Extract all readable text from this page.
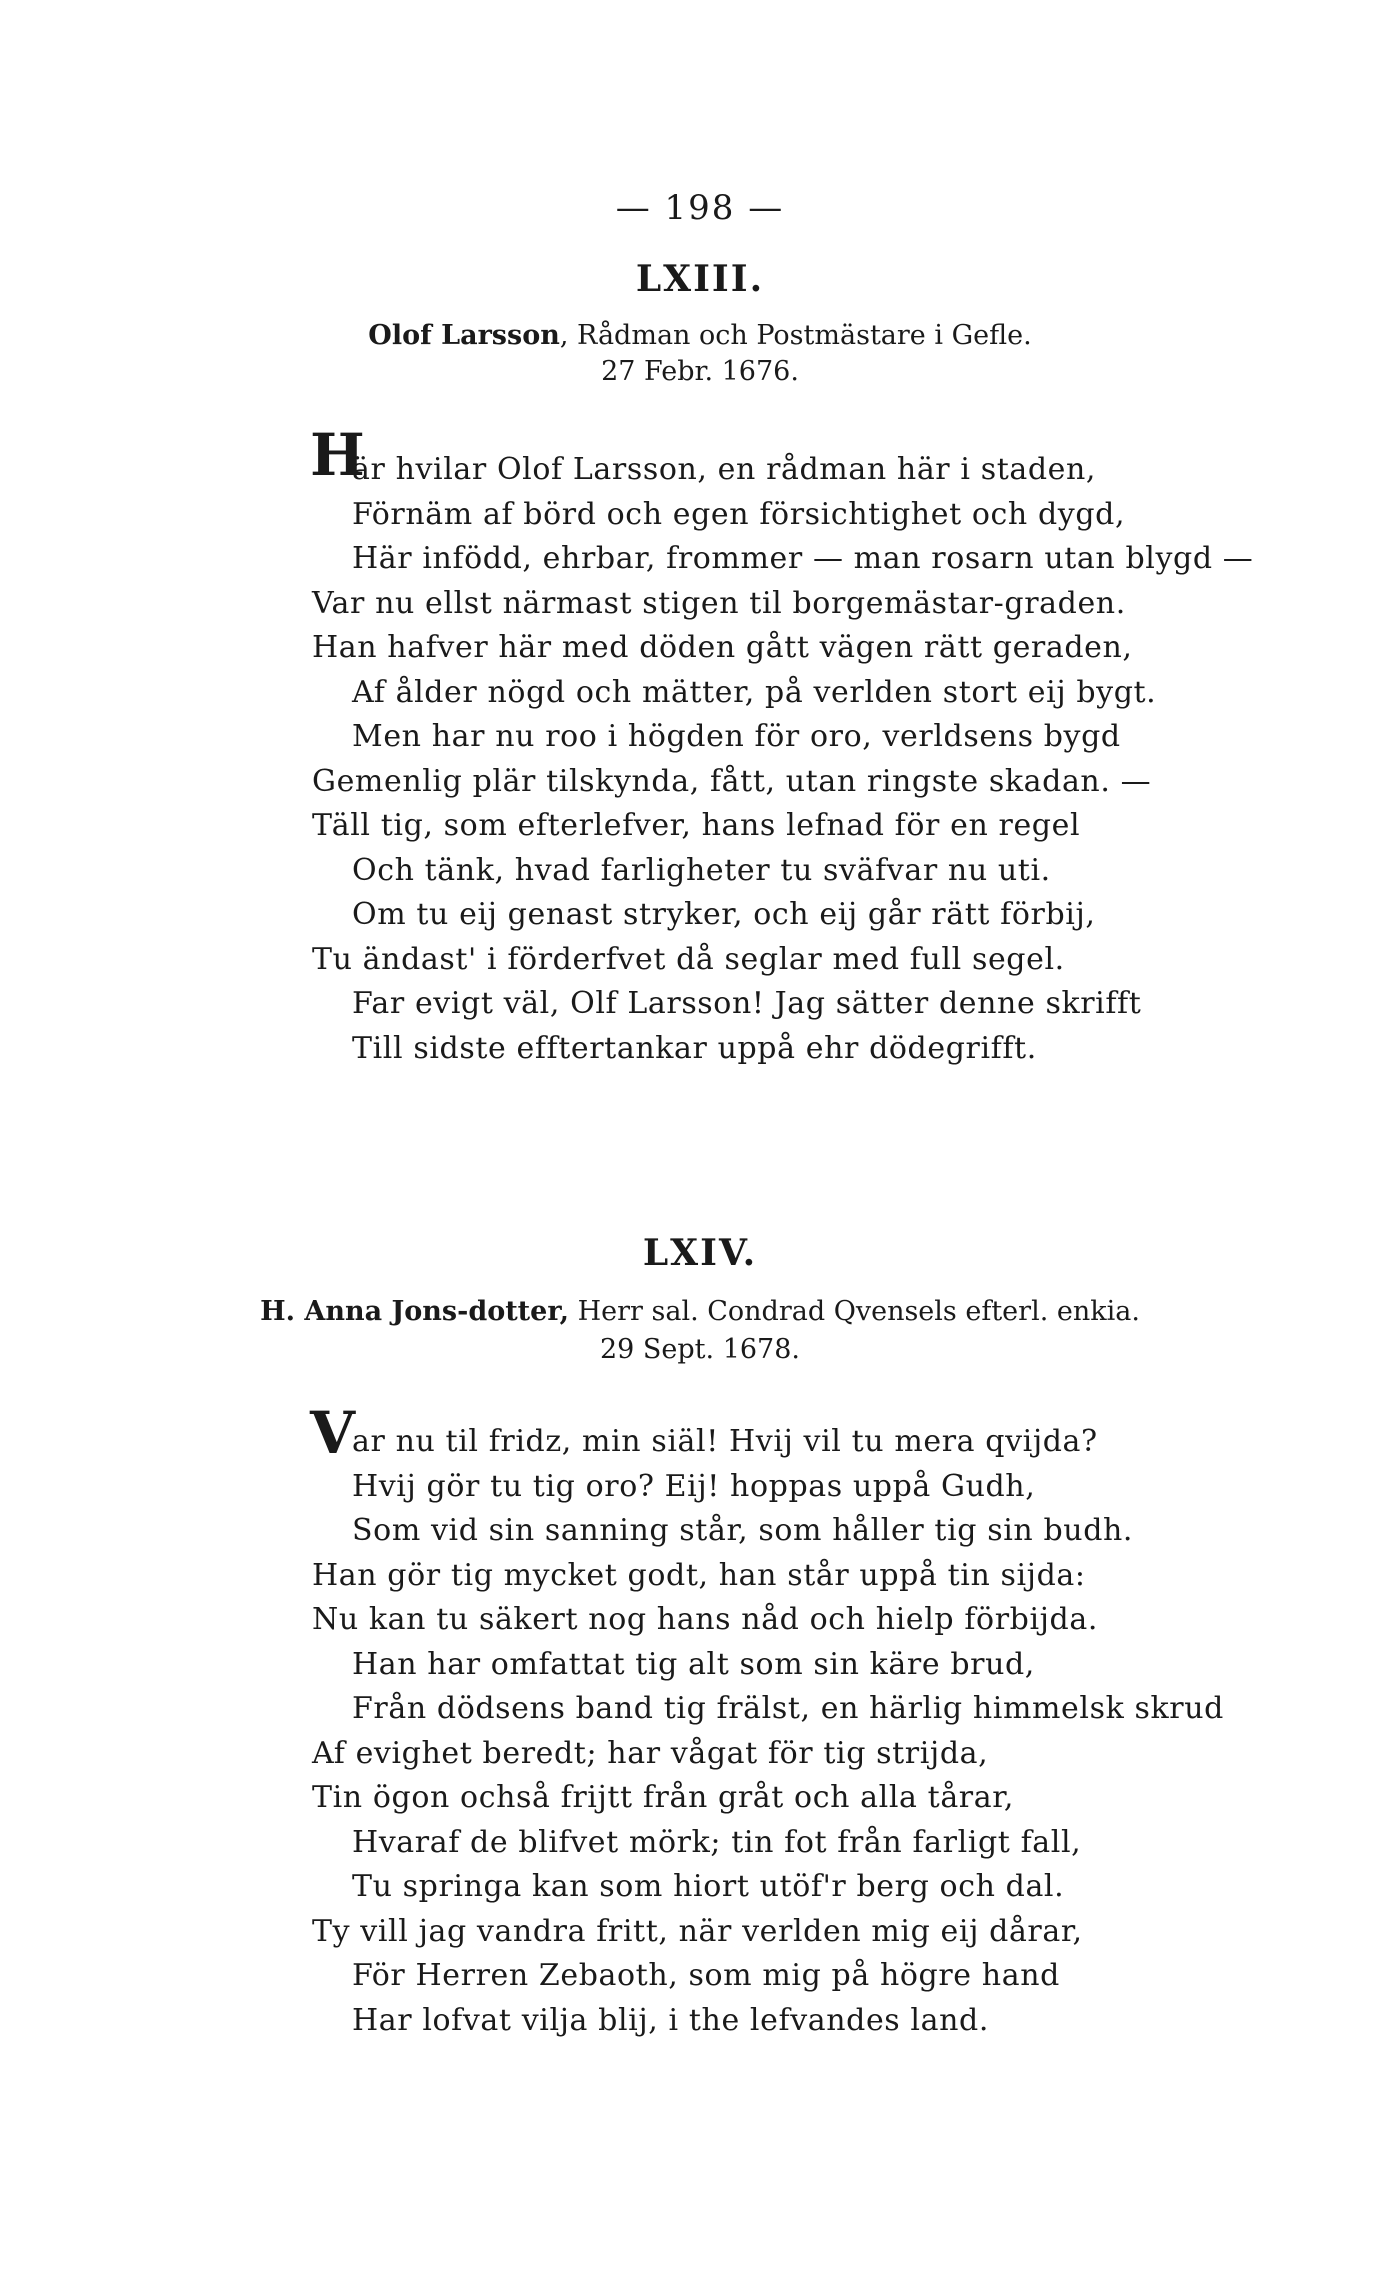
— 198 —
LXIII.
Olof Larsson, Rådman och Postmästare i Gefle.
27 Febr. 1676.
H
är hvilar Olof Larsson, en rådman här i staden,
Förnäm af börd och egen försichtighet och dygd,
Här infödd, ehrbar, frommer — man rosarn utan blygd —
Var nu ellst närmast stigen til borgemästar-graden.
Han hafver här med döden gått vägen rätt geraden,
Af ålder nögd och mätter, på verlden stort eij bygt.
Men har nu roo i högden för oro, verldsens bygd
Gemenlig plär tilskynda, fått, utan ringste skadan. —
Täll tig, som efterlefver, hans lefnad för en regel
Och tänk, hvad farligheter tu sväfvar nu uti.
Om tu eij genast stryker, och eij går rätt förbij,
Tu ändast' i förderfvet då seglar med full segel.
Far evigt väl, Olf Larsson! Jag sätter denne skrifft
Till sidste efftertankar uppå ehr dödegrifft.
LXIV.
H. Anna Jons-dotter, Herr sal. Condrad Qvensels efterl. enkia.
29 Sept. 1678.
V
ar nu til fridz, min siäl! Hvij vil tu mera qvijda?
Hvij gör tu tig oro? Eij! hoppas uppå Gudh,
Som vid sin sanning står, som håller tig sin budh.
Han gör tig mycket godt, han står uppå tin sijda:
Nu kan tu säkert nog hans nåd och hielp förbijda.
Han har omfattat tig alt som sin käre brud,
Från dödsens band tig frälst, en härlig himmelsk skrud
Af evighet beredt; har vågat för tig strijda,
Tin ögon ochså frijtt från gråt och alla tårar,
Hvaraf de blifvet mörk; tin fot från farligt fall,
Tu springa kan som hiort utöf'r berg och dal.
Ty vill jag vandra fritt, när verlden mig eij dårar,
För Herren Zebaoth, som mig på högre hand
Har lofvat vilja blij, i the lefvandes land.
